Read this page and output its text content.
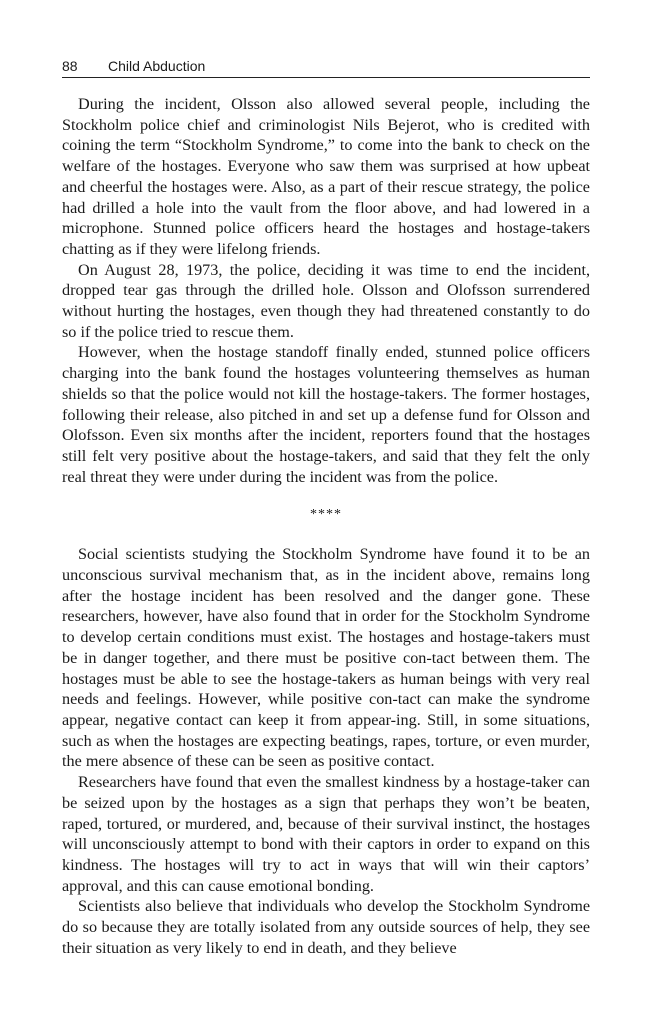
88 Child Abduction

During the incident, Olsson also allowed several people, including the Stockholm police chief and criminologist Nils Bejerot, who is credited with coining the term “Stockholm Syndrome,” to come into the bank to check on the welfare of the hostages. Everyone who saw them was surprised at how upbeat and cheerful the hostages were. Also, as a part of their rescue strategy, the police had drilled a hole into the vault from the floor above, and had lowered in a microphone. Stunned police officers heard the hostages and hostage-takers chatting as if they were lifelong friends.

On August 28, 1973, the police, deciding it was time to end the incident, dropped tear gas through the drilled hole. Olsson and Olofsson surrendered without hurting the hostages, even though they had threatened constantly to do so if the police tried to rescue them.

However, when the hostage standoff finally ended, stunned police officers charging into the bank found the hostages volunteering themselves as human shields so that the police would not kill the hostage-takers. The former hostages, following their release, also pitched in and set up a defense fund for Olsson and Olofsson. Even six months after the incident, reporters found that the hostages still felt very positive about the hostage-takers, and said that they felt the only real threat they were under during the incident was from the police.

****

Social scientists studying the Stockholm Syndrome have found it to be an unconscious survival mechanism that, as in the incident above, remains long after the hostage incident has been resolved and the danger gone. These researchers, however, have also found that in order for the Stockholm Syndrome to develop certain conditions must exist. The hostages and hostage-takers must be in danger together, and there must be positive con-tact between them. The hostages must be able to see the hostage-takers as human beings with very real needs and feelings. However, while positive con-tact can make the syndrome appear, negative contact can keep it from appear-ing. Still, in some situations, such as when the hostages are expecting beatings, rapes, torture, or even murder, the mere absence of these can be seen as positive contact.

Researchers have found that even the smallest kindness by a hostage-taker can be seized upon by the hostages as a sign that perhaps they won’t be beaten, raped, tortured, or murdered, and, because of their survival instinct, the hostages will unconsciously attempt to bond with their captors in order to expand on this kindness. The hostages will try to act in ways that will win their captors’ approval, and this can cause emotional bonding.

Scientists also believe that individuals who develop the Stockholm Syndrome do so because they are totally isolated from any outside sources of help, they see their situation as very likely to end in death, and they believe
